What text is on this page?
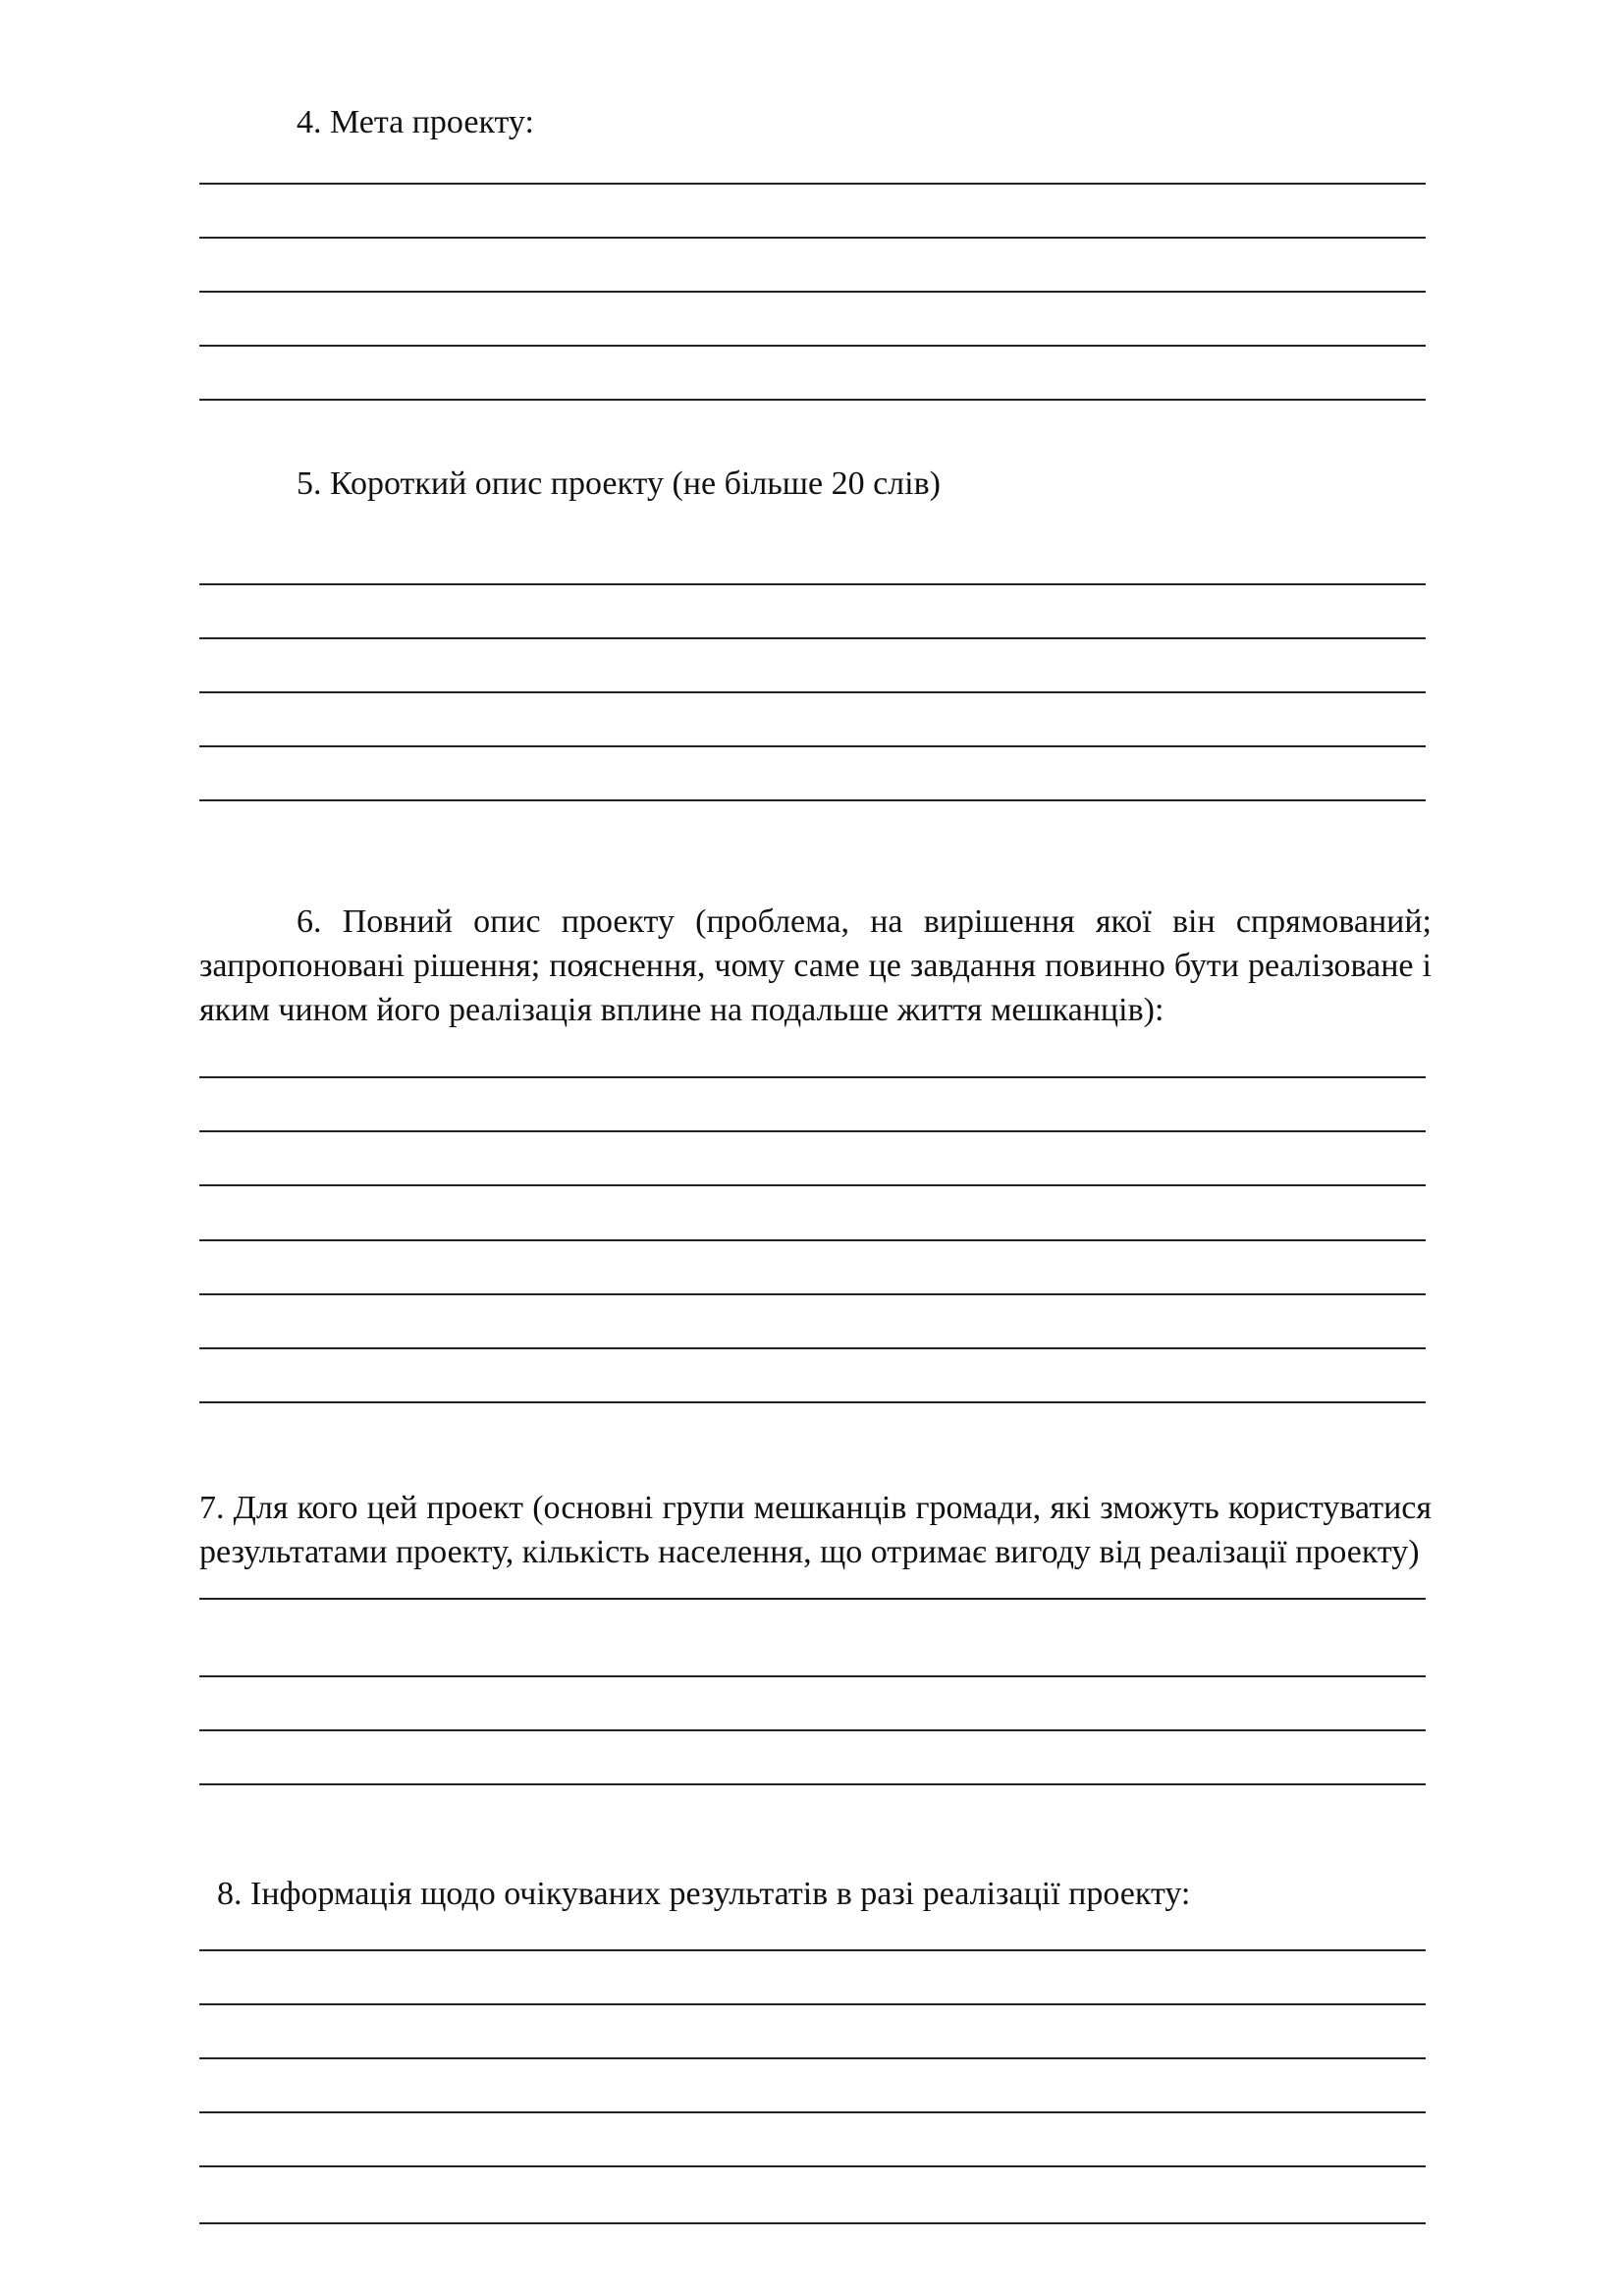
4. Мета проекту:

5. Короткий опис проекту (не більше 20 слів)

6. Повний опис проекту (проблема, на вирішення якої він спрямований; запропоновані рішення; пояснення, чому саме це завдання повинно бути реалізоване і яким чином його реалізація вплине на подальше життя мешканців):

7. Для кого цей проект (основні групи мешканців громади, які зможуть користуватися результатами проекту, кількість населення, що отримає вигоду від реалізації проекту)

8. Інформація щодо очікуваних результатів в разі реалізації проекту:
